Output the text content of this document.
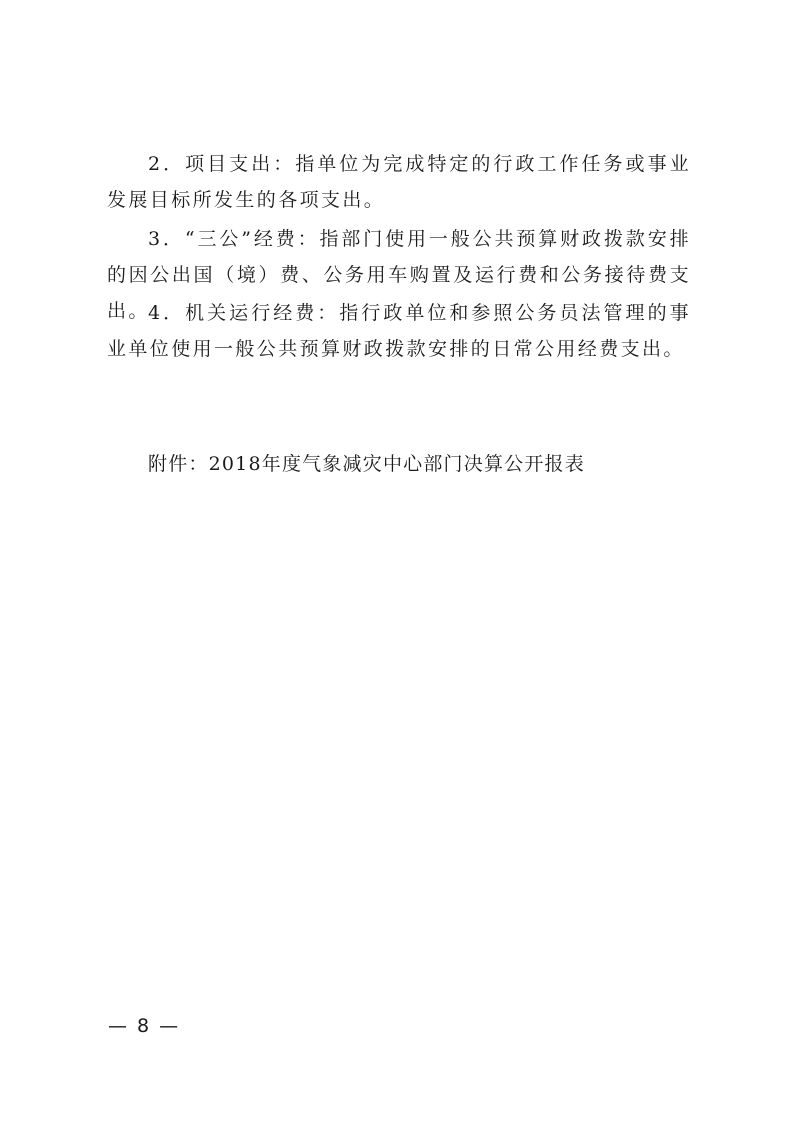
2．项目支出：指单位为完成特定的行政工作任务或事业发展目标所发生的各项支出。

3．“三公”经费：指部门使用一般公共预算财政拨款安排的因公出国（境）费、公务用车购置及运行费和公务接待费支出。

4．机关运行经费：指行政单位和参照公务员法管理的事业单位使用一般公共预算财政拨款安排的日常公用经费支出。

附件：2018年度气象减灾中心部门决算公开报表

— 8 —
